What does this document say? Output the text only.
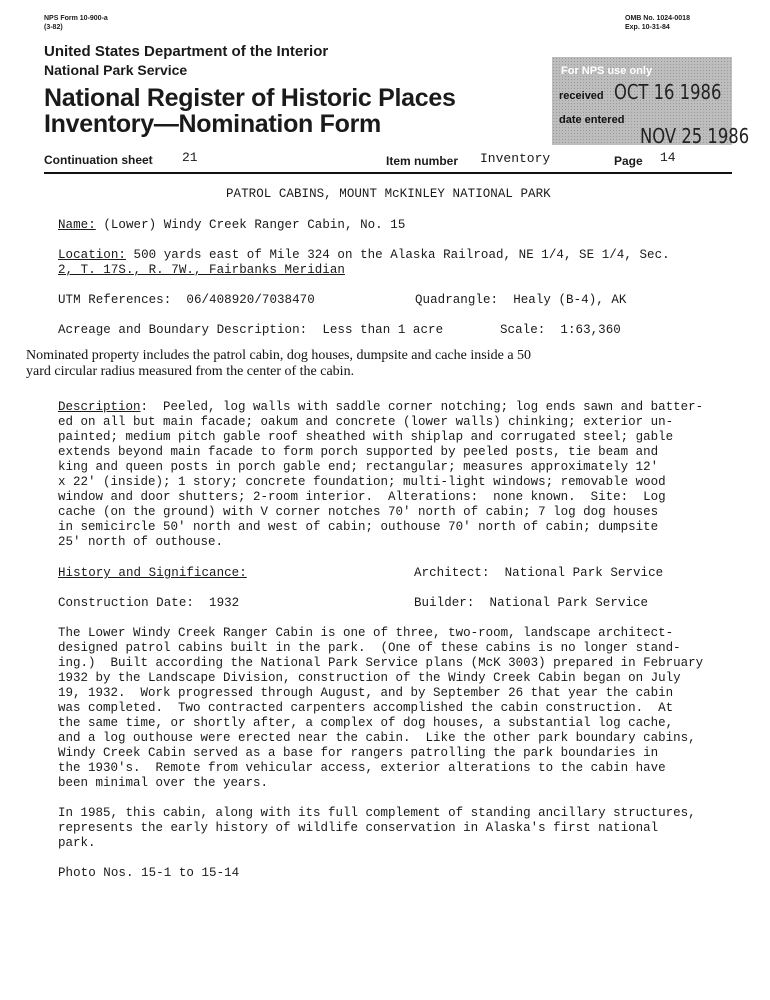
NPS Form 10-900-a
(3-82)
OMB No. 1024-0018
Exp. 10-31-84
United States Department of the Interior
National Park Service
National Register of Historic Places
Inventory—Nomination Form
For NPS use only
received OCT 16 1986
date entered
NOV 25 1986
Continuation sheet 21	Item number Inventory	Page 14
PATROL CABINS, MOUNT McKINLEY NATIONAL PARK
Name: (Lower) Windy Creek Ranger Cabin, No. 15
Location: 500 yards east of Mile 324 on the Alaska Railroad, NE 1/4, SE 1/4, Sec.
2, T. 17S., R. 7W., Fairbanks Meridian
UTM References: 06/408920/7038470	Quadrangle: Healy (B-4), AK
Acreage and Boundary Description: Less than 1 acre	Scale: 1:63,360
Nominated property includes the patrol cabin, dog houses, dumpsite and cache inside a 50
yard circular radius measured from the center of the cabin.
Description:  Peeled, log walls with saddle corner notching; log ends sawn and batter-
ed on all but main facade; oakum and concrete (lower walls) chinking; exterior un-
painted; medium pitch gable roof sheathed with shiplap and corrugated steel; gable
extends beyond main facade to form porch supported by peeled posts, tie beam and
king and queen posts in porch gable end; rectangular; measures approximately 12'
x 22' (inside); 1 story; concrete foundation; multi-light windows; removable wood
window and door shutters; 2-room interior.  Alterations:  none known.  Site:  Log
cache (on the ground) with V corner notches 70' north of cabin; 7 log dog houses
in semicircle 50' north and west of cabin; outhouse 70' north of cabin; dumpsite
25' north of outhouse.
History and Significance:	Architect: National Park Service
Construction Date: 1932	Builder: National Park Service
The Lower Windy Creek Ranger Cabin is one of three, two-room, landscape architect-
designed patrol cabins built in the park.  (One of these cabins is no longer stand-
ing.)  Built according the National Park Service plans (McK 3003) prepared in February
1932 by the Landscape Division, construction of the Windy Creek Cabin began on July
19, 1932.  Work progressed through August, and by September 26 that year the cabin
was completed.  Two contracted carpenters accomplished the cabin construction.  At
the same time, or shortly after, a complex of dog houses, a substantial log cache,
and a log outhouse were erected near the cabin.  Like the other park boundary cabins,
Windy Creek Cabin served as a base for rangers patrolling the park boundaries in
the 1930's.  Remote from vehicular access, exterior alterations to the cabin have
been minimal over the years.
In 1985, this cabin, along with its full complement of standing ancillary structures,
represents the early history of wildlife conservation in Alaska's first national
park.
Photo Nos. 15-1 to 15-14
